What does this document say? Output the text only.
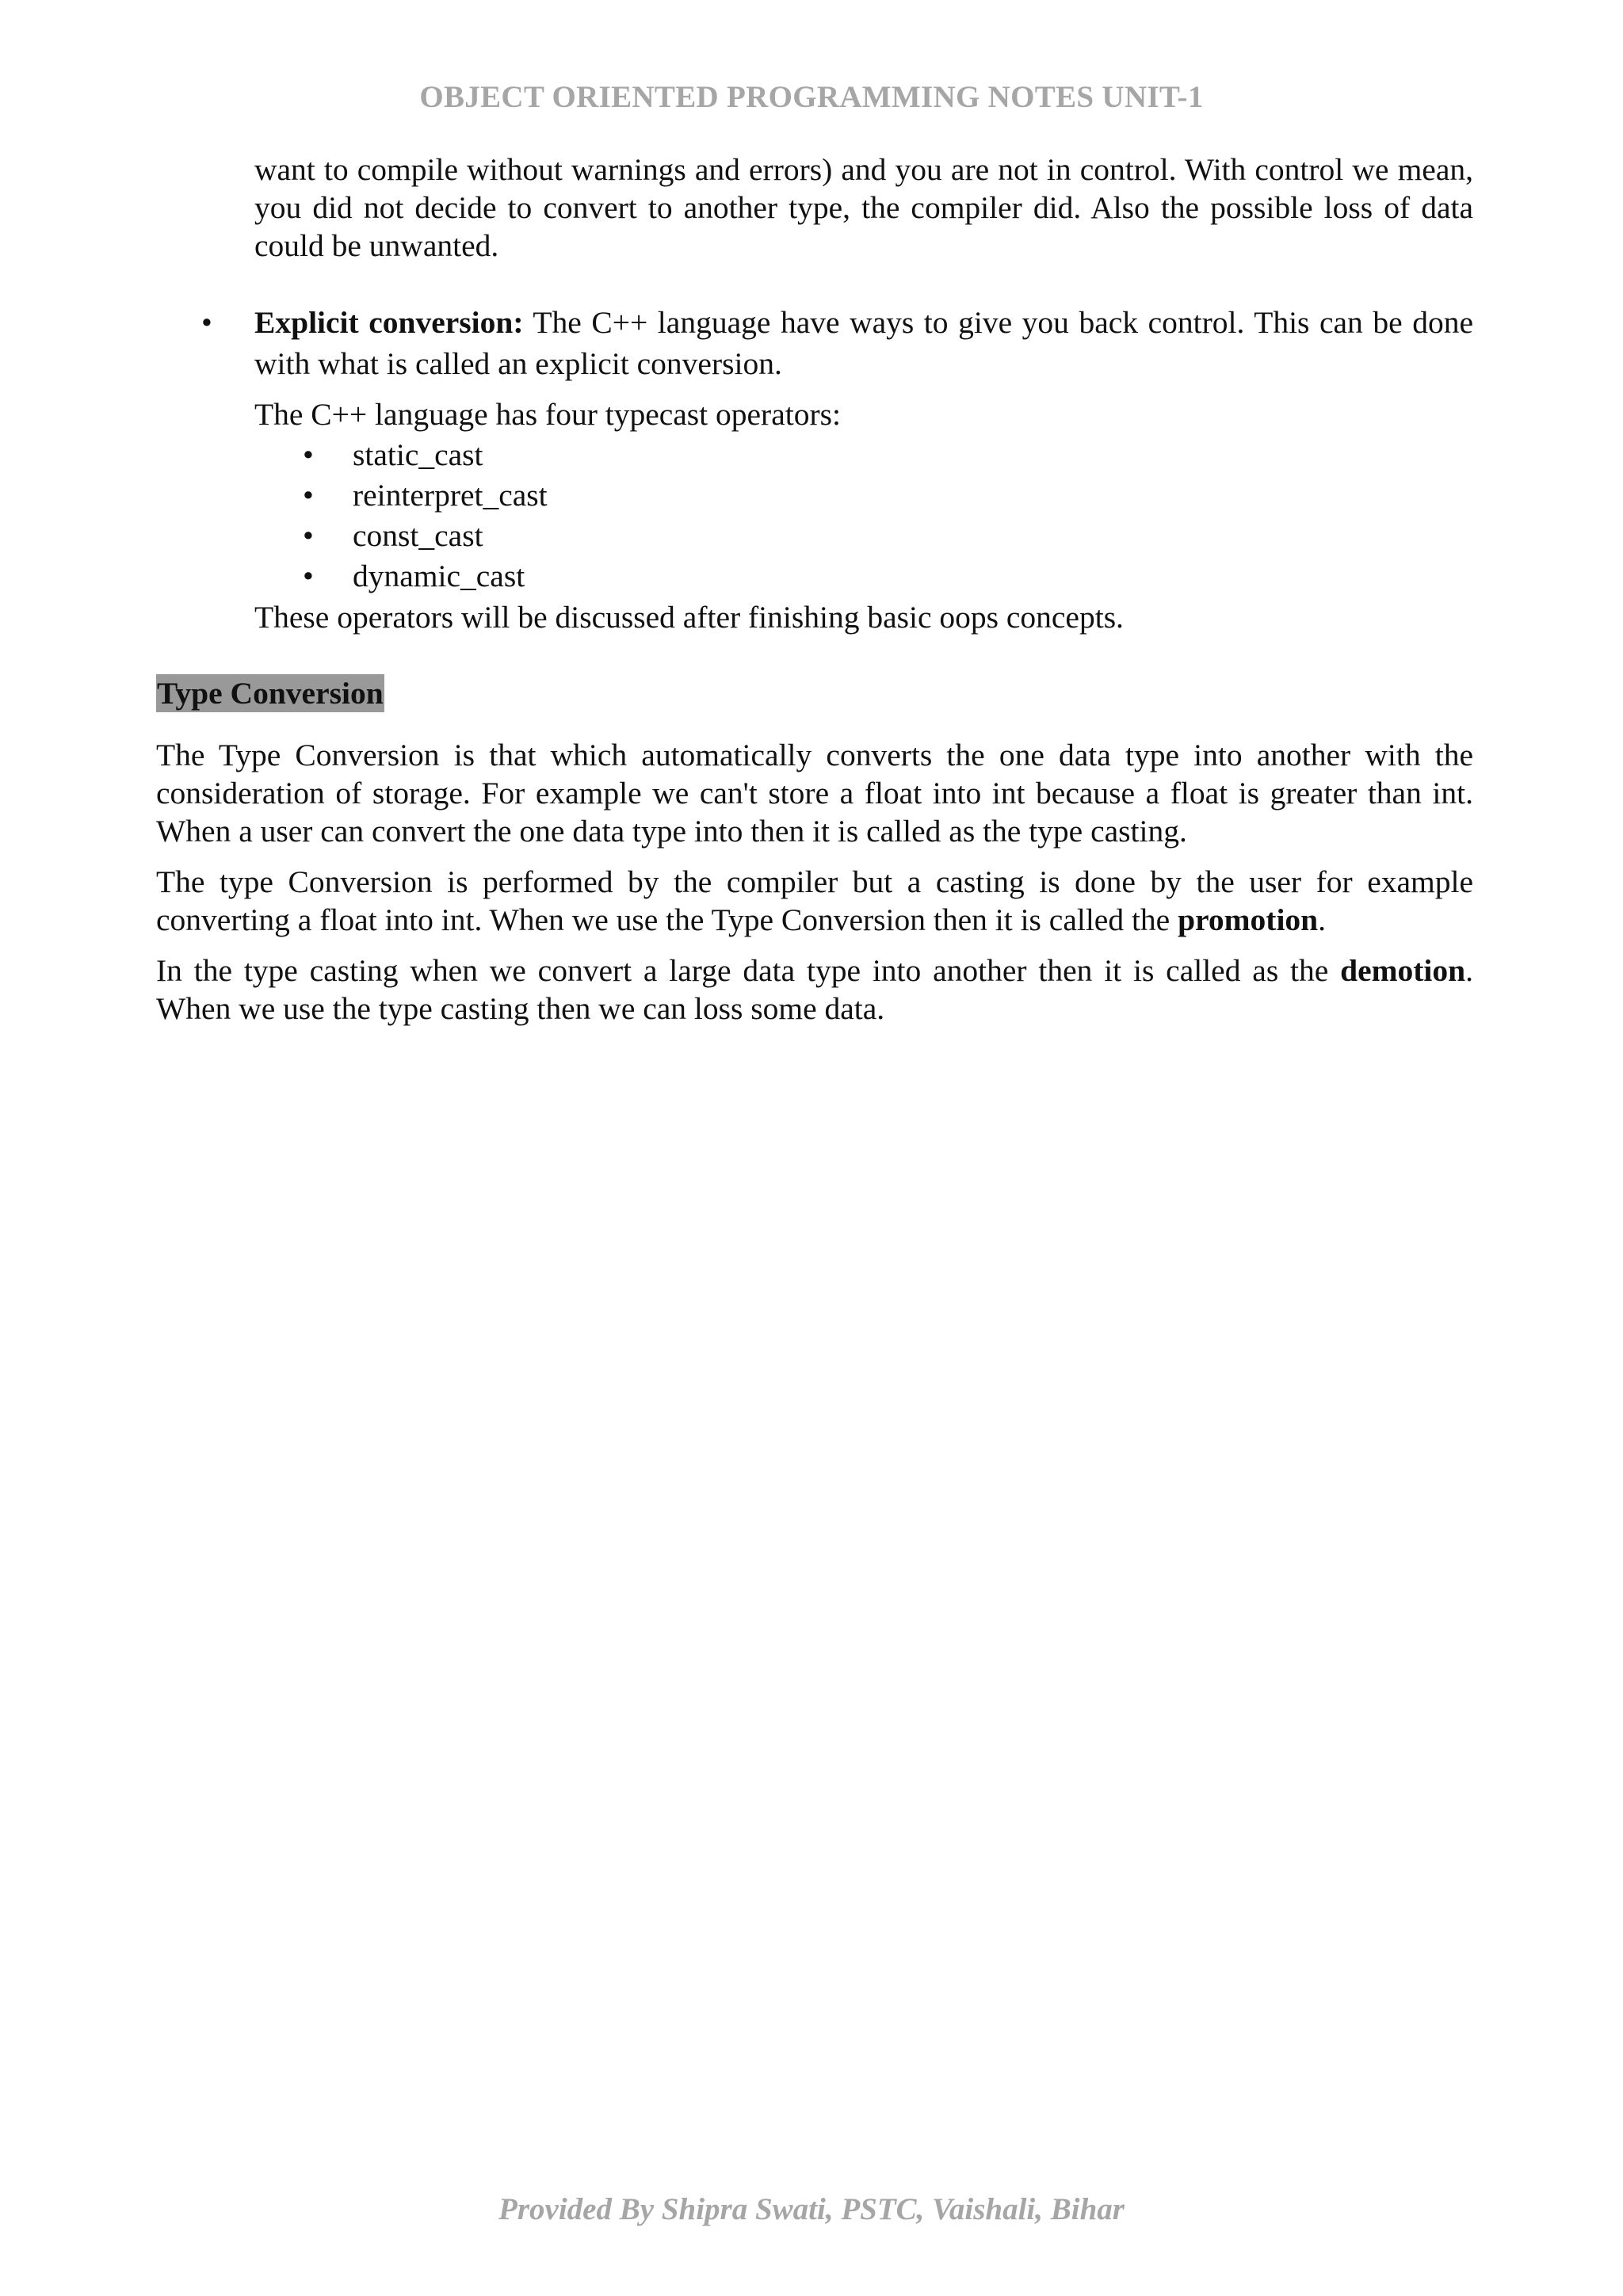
OBJECT ORIENTED PROGRAMMING NOTES UNIT-1

want to compile without warnings and errors) and you are not in control. With control we mean, you did not decide to convert to another type, the compiler did. Also the possible loss of data could be unwanted.

• Explicit conversion: The C++ language have ways to give you back control. This can be done with what is called an explicit conversion.

The C++ language has four typecast operators:

• static_cast
• reinterpret_cast
• const_cast
• dynamic_cast

These operators will be discussed after finishing basic oops concepts.

Type Conversion

The Type Conversion is that which automatically converts the one data type into another with the consideration of storage. For example we can't store a float into int because a float is greater than int. When a user can convert the one data type into then it is called as the type casting.

The type Conversion is performed by the compiler but a casting is done by the user for example converting a float into int. When we use the Type Conversion then it is called the promotion.

In the type casting when we convert a large data type into another then it is called as the demotion. When we use the type casting then we can loss some data.

Provided By Shipra Swati, PSTC, Vaishali, Bihar
